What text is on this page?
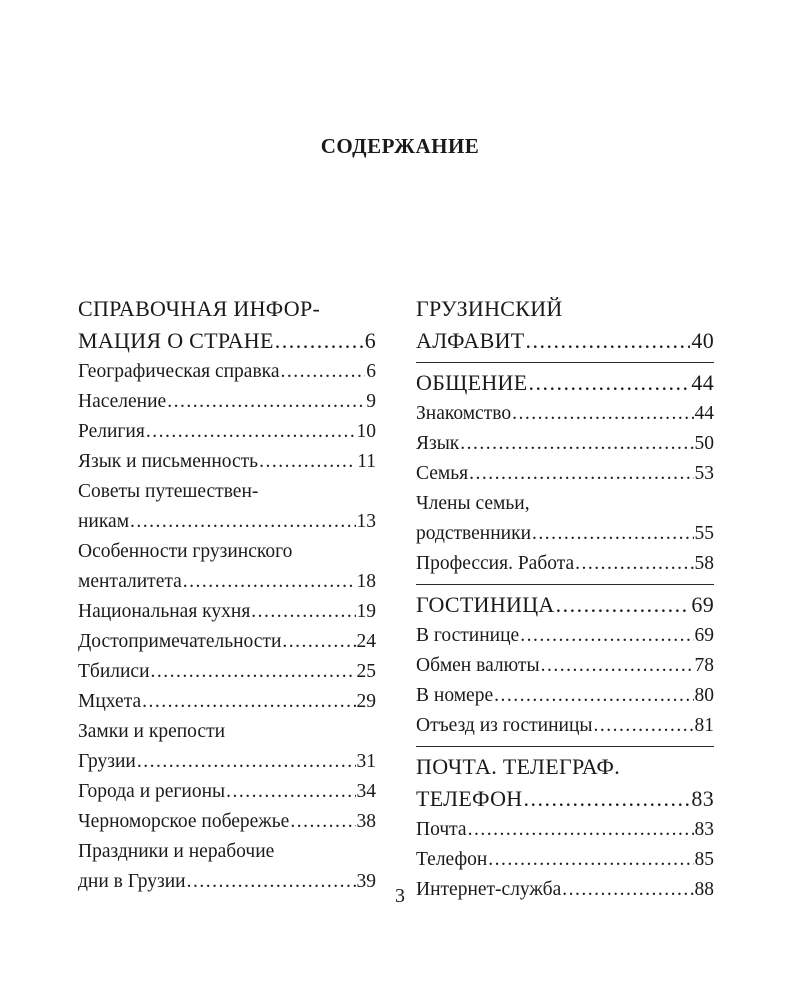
СОДЕРЖАНИЕ
СПРАВОЧНАЯ ИНФОР-
МАЦИЯ О СТРАНЕ .....	6
Географическая справка .....	6
Население .....	9
Религия .....	10
Язык и письменность .....	11
Советы путешествен-
никам .....	13
Особенности грузинского
менталитета .....	18
Национальная кухня .....	19
Достопримечательности .....	24
Тбилиси .....	25
Мцхета .....	29
Замки и крепости
Грузии .....	31
Города и регионы .....	34
Черноморское побережье .....	38
Праздники и нерабочие
дни в Грузии .....	39
ГРУЗИНСКИЙ
АЛФАВИТ .....	40
ОБЩЕНИЕ .....	44
Знакомство .....	44
Язык .....	50
Семья .....	53
Члены семьи,
родственники .....	55
Профессия. Работа .....	58
ГОСТИНИЦА .....	69
В гостинице .....	69
Обмен валюты .....	78
В номере .....	80
Отъезд из гостиницы .....	81
ПОЧТА. ТЕЛЕГРАФ.
ТЕЛЕФОН .....	83
Почта .....	83
Телефон .....	85
Интернет-служба .....	88
3
